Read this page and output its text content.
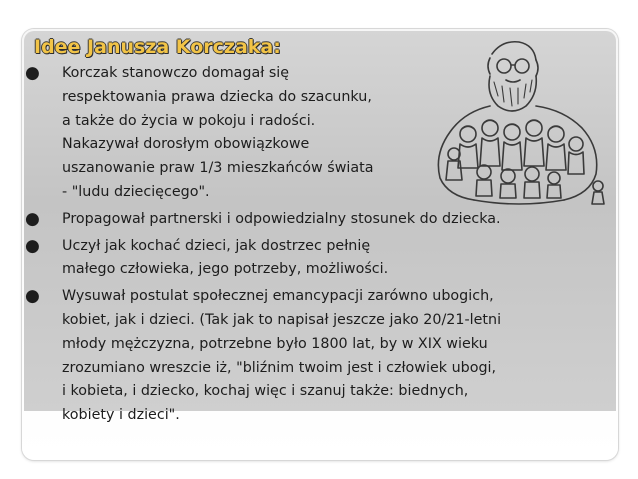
Idee Janusza Korczaka:
● Korczak stanowczo domagał się
respektowania prawa dziecka do szacunku,
a także do życia w pokoju i radości.
Nakazywał dorosłym obowiązkowe
uszanowanie praw 1/3 mieszkańców świata
- "ludu dziecięcego".
● Propagował partnerski i odpowiedzialny stosunek do dziecka.
● Uczył jak kochać dzieci, jak dostrzec pełnię
małego człowieka, jego potrzeby, możliwości.
● Wysuwał postulat społecznej emancypacji zarówno ubogich,
kobiet, jak i dzieci. (Tak jak to napisał jeszcze jako 20/21-letni
młody mężczyzna, potrzebne było 1800 lat, by w XIX wieku
zrozumiano wreszcie iż, "bliźnim twoim jest i człowiek ubogi,
i kobieta, i dziecko, kochaj więc i szanuj także: biednych,
kobiety i dzieci".
